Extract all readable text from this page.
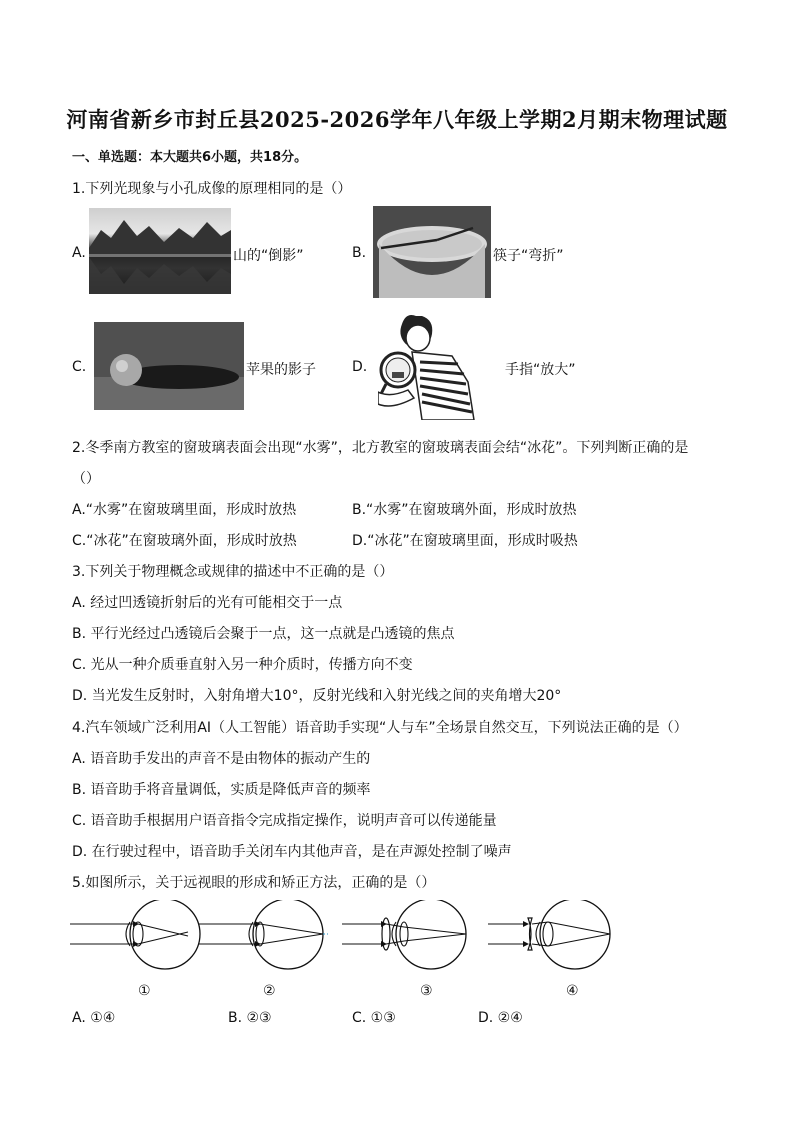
河南省新乡市封丘县2025-2026学年八年级上学期2月期末物理试题
一、单选题：本大题共6小题，共18分。
1.下列光现象与小孔成像的原理相同的是（）
A.	山的“倒影”	B.	筷子“弯折”
C.	苹果的影子	D.	手指“放大”
2.冬季南方教室的窗玻璃表面会出现“水雾”，北方教室的窗玻璃表面会结“冰花”。下列判断正确的是
（）
A.“水雾”在窗玻璃里面，形成时放热	B.“水雾”在窗玻璃外面，形成时放热
C.“冰花”在窗玻璃外面，形成时放热	D.“冰花”在窗玻璃里面，形成时吸热
3.下列关于物理概念或规律的描述中不正确的是（）
A. 经过凹透镜折射后的光有可能相交于一点
B. 平行光经过凸透镜后会聚于一点，这一点就是凸透镜的焦点
C. 光从一种介质垂直射入另一种介质时，传播方向不变
D. 当光发生反射时，入射角增大10°，反射光线和入射光线之间的夹角增大20°
4.汽车领域广泛利用AI（人工智能）语音助手实现“人与车”全场景自然交互，下列说法正确的是（）
A. 语音助手发出的声音不是由物体的振动产生的
B. 语音助手将音量调低，实质是降低声音的频率
C. 语音助手根据用户语音指令完成指定操作，说明声音可以传递能量
D. 在行驶过程中，语音助手关闭车内其他声音，是在声源处控制了噪声
5.如图所示，关于远视眼的形成和矫正方法，正确的是（）
①	②	③	④
A. ①④	B. ②③	C. ①③	D. ②④
